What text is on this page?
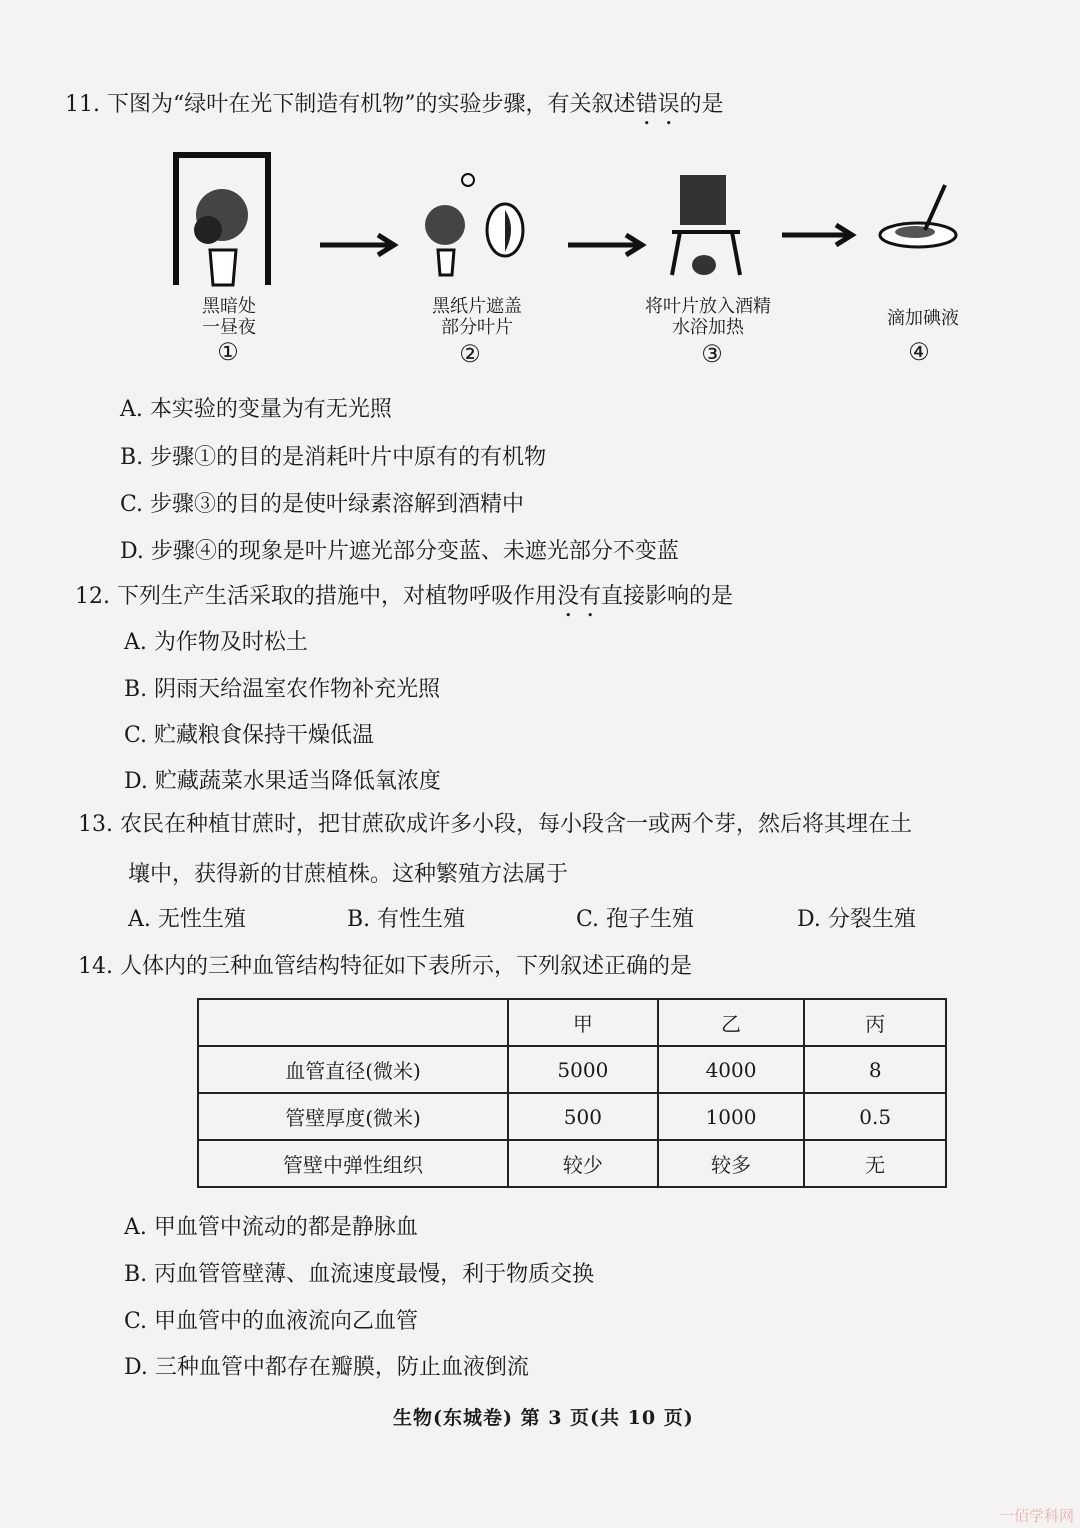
11. 下图为“绿叶在光下制造有机物”的实验步骤，有关叙述错误的是
黑暗处
一昼夜
黑纸片遮盖
部分叶片
将叶片放入酒精
水浴加热	滴加碘液
①	②	③	④
A. 本实验的变量为有无光照
B. 步骤①的目的是消耗叶片中原有的有机物
C. 步骤③的目的是使叶绿素溶解到酒精中
D. 步骤④的现象是叶片遮光部分变蓝、未遮光部分不变蓝
12. 下列生产生活采取的措施中，对植物呼吸作用没有直接影响的是
A. 为作物及时松土
B. 阴雨天给温室农作物补充光照
C. 贮藏粮食保持干燥低温
D. 贮藏蔬菜水果适当降低氧浓度
13. 农民在种植甘蔗时，把甘蔗砍成许多小段，每小段含一或两个芽，然后将其埋在土
壤中，获得新的甘蔗植株。这种繁殖方法属于
A. 无性生殖	B. 有性生殖	C. 孢子生殖	D. 分裂生殖
14. 人体内的三种血管结构特征如下表所示，下列叙述正确的是
	甲	乙	丙
血管直径(微米)	5000	4000	8
管壁厚度(微米)	500	1000	0.5
管壁中弹性组织	较少	较多	无
A. 甲血管中流动的都是静脉血
B. 丙血管管壁薄、血流速度最慢，利于物质交换
C. 甲血管中的血液流向乙血管
D. 三种血管中都存在瓣膜，防止血液倒流
生物(东城卷) 第 3 页(共 10 页)
一佰学科网
